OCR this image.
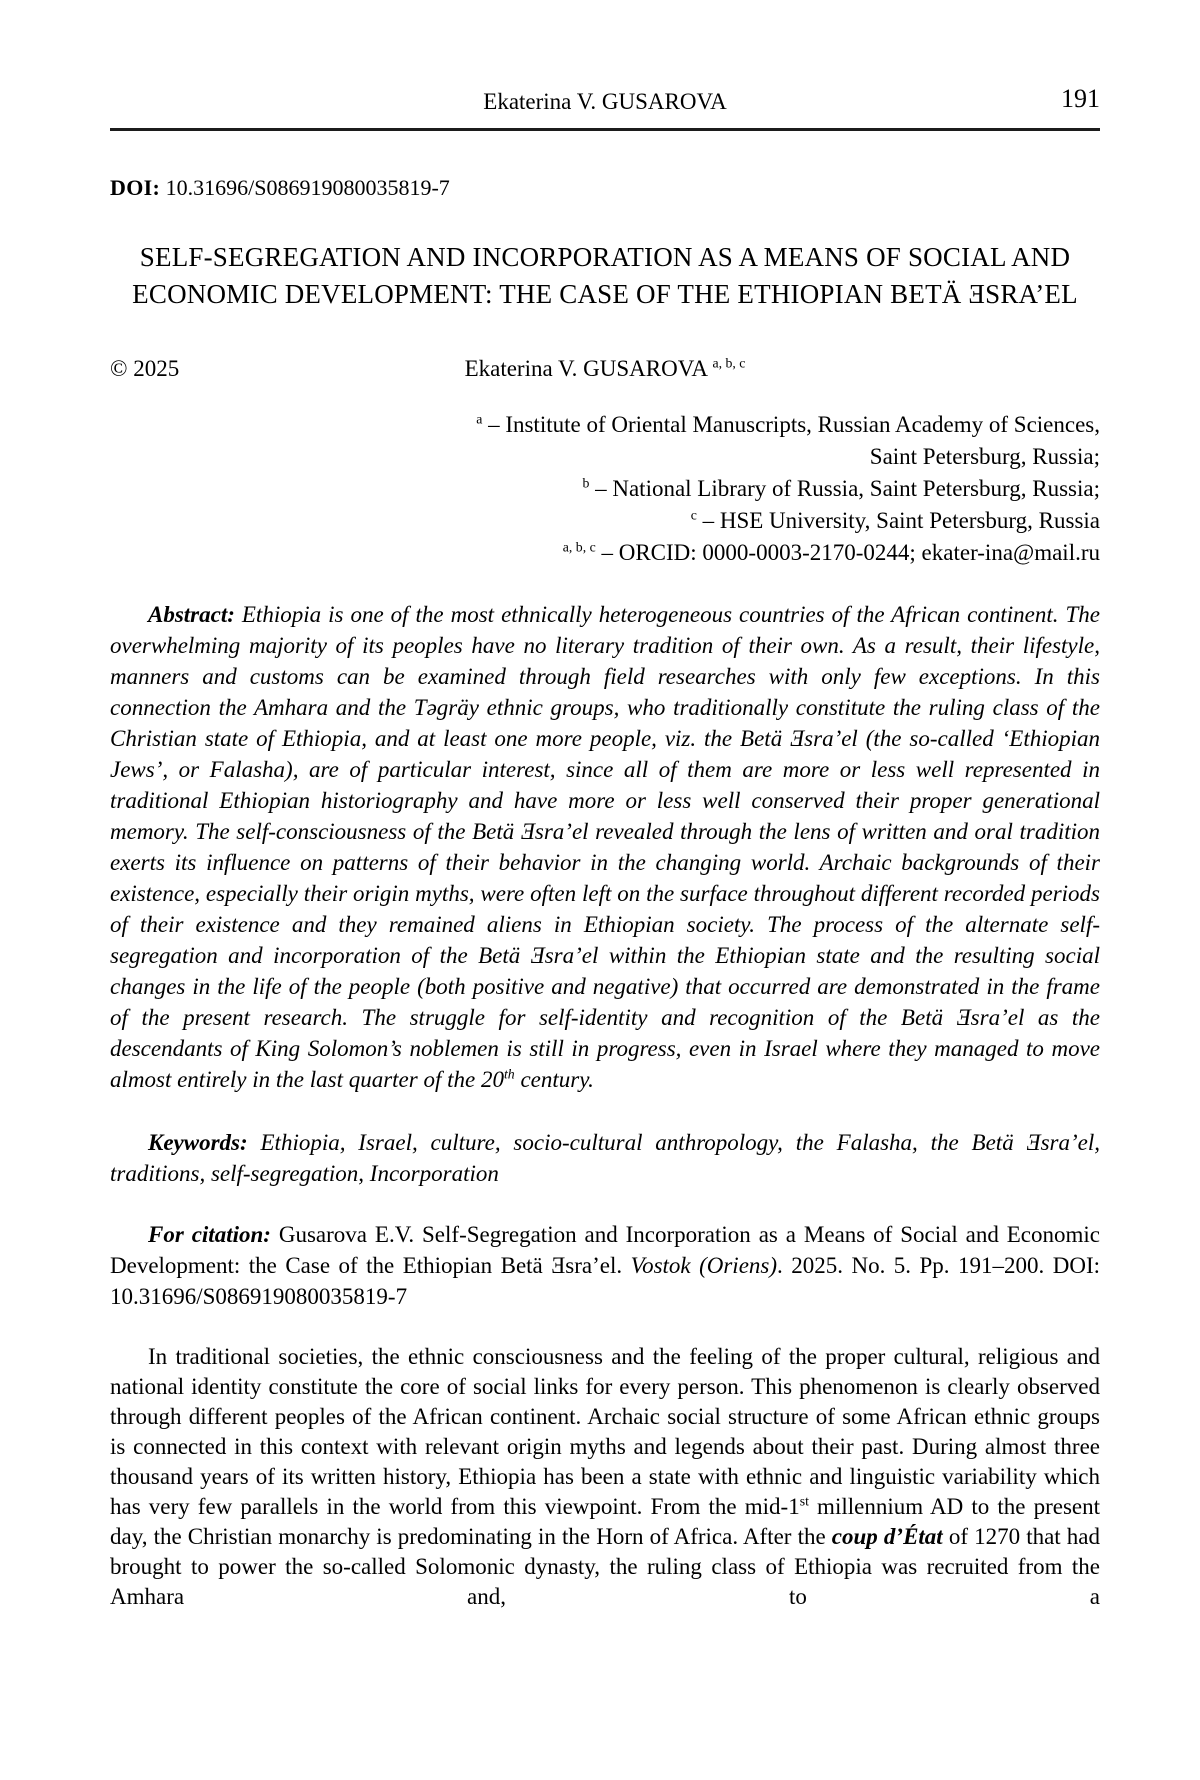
Ekaterina V. GUSAROVA	191

DOI: 10.31696/S086919080035819-7

SELF-SEGREGATION AND INCORPORATION AS A MEANS OF SOCIAL AND ECONOMIC DEVELOPMENT: THE CASE OF THE ETHIOPIAN BETÄ ƎSRA’EL
© 2025	Ekaterina V. GUSAROVA $^{a, b, c}$
$^a$ – Institute of Oriental Manuscripts, Russian Academy of Sciences,
Saint Petersburg, Russia;
$^b$ – National Library of Russia, Saint Petersburg, Russia;
$^c$ – HSE University, Saint Petersburg, Russia
$^{a, b, c}$ – ORCID: 0000-0003-2170-0244; ekater-ina@mail.ru

Abstract: Ethiopia is one of the most ethnically heterogeneous countries of the African continent. The overwhelming majority of its peoples have no literary tradition of their own. As a result, their lifestyle, manners and customs can be examined through field researches with only few exceptions. In this connection the Amhara and the Tǝgräy ethnic groups, who traditionally constitute the ruling class of the Christian state of Ethiopia, and at least one more people, viz. the Betä Ǝsra’el (the so-called ‘Ethiopian Jews’, or Falasha), are of particular interest, since all of them are more or less well represented in traditional Ethiopian historiography and have more or less well conserved their proper generational memory. The self-consciousness of the Betä Ǝsra’el revealed through the lens of written and oral tradition exerts its influence on patterns of their behavior in the changing world. Archaic backgrounds of their existence, especially their origin myths, were often left on the surface throughout different recorded periods of their existence and they remained aliens in Ethiopian society. The process of the alternate self-segregation and incorporation of the Betä Ǝsra’el within the Ethiopian state and the resulting social changes in the life of the people (both positive and negative) that occurred are demonstrated in the frame of the present research. The struggle for self-identity and recognition of the Betä Ǝsra’el as the descendants of King Solomon’s noblemen is still in progress, even in Israel where they managed to move almost entirely in the last quarter of the 20th century.

Keywords: Ethiopia, Israel, culture, socio-cultural anthropology, the Falasha, the Betä Ǝsra’el, traditions, self-segregation, Incorporation

For citation: Gusarova E.V. Self-Segregation and Incorporation as a Means of Social and Economic Development: the Case of the Ethiopian Betä Ǝsra’el. Vostok (Oriens). 2025. No. 5. Pp. 191–200. DOI: 10.31696/S086919080035819-7

In traditional societies, the ethnic consciousness and the feeling of the proper cultural, religious and national identity constitute the core of social links for every person. This phenomenon is clearly observed through different peoples of the African continent. Archaic social structure of some African ethnic groups is connected in this context with relevant origin myths and legends about their past. During almost three thousand years of its written history, Ethiopia has been a state with ethnic and linguistic variability which has very few parallels in the world from this viewpoint. From the mid-1st millennium AD to the present day, the Christian monarchy is predominating in the Horn of Africa. After the coup d’État of 1270 that had brought to power the so-called Solomonic dynasty, the ruling class of Ethiopia was recruited from the Amhara and, to a
